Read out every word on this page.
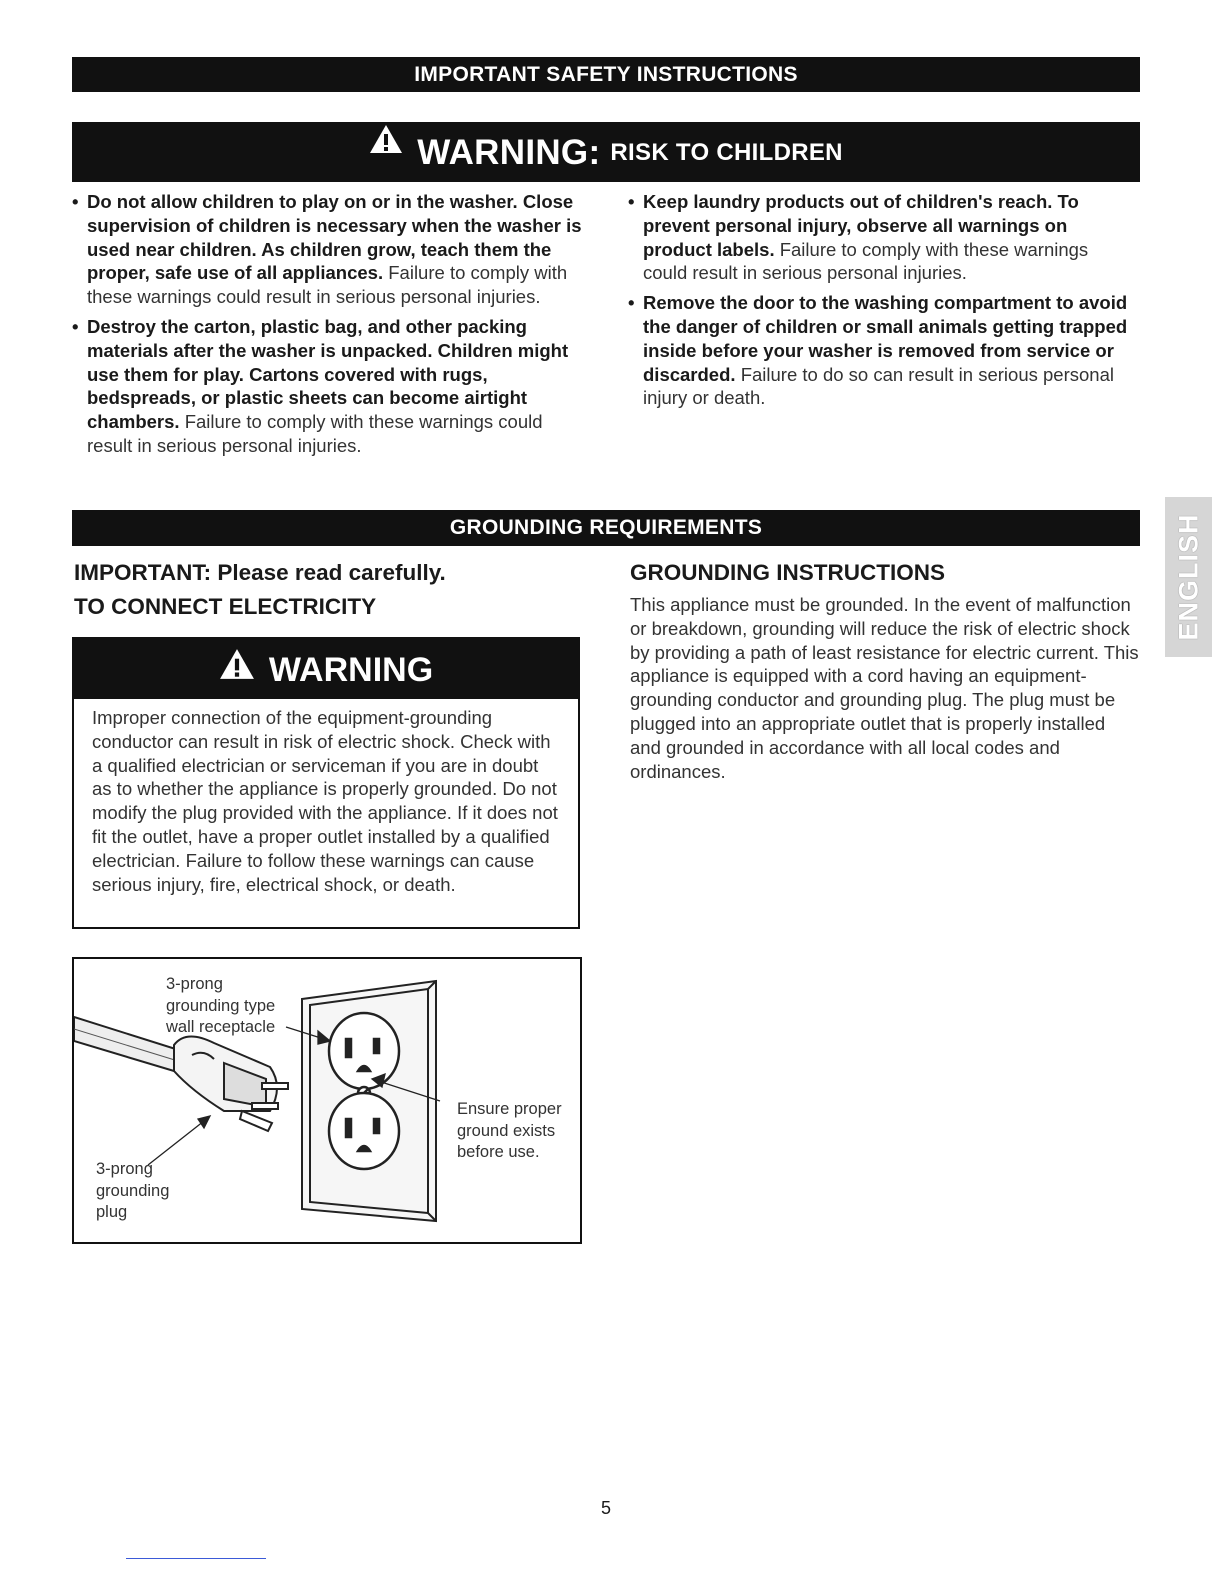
IMPORTANT SAFETY INSTRUCTIONS
WARNING: RISK TO CHILDREN
• Do not allow children to play on or in the washer. Close supervision of children is necessary when the washer is used near children. As children grow, teach them the proper, safe use of all appliances. Failure to comply with these warnings could result in serious personal injuries.
• Destroy the carton, plastic bag, and other packing materials after the washer is unpacked. Children might use them for play. Cartons covered with rugs, bedspreads, or plastic sheets can become airtight chambers. Failure to comply with these warnings could result in serious personal injuries.
• Keep laundry products out of children's reach. To prevent personal injury, observe all warnings on product labels. Failure to comply with these warnings could result in serious personal injuries.
• Remove the door to the washing compartment to avoid the danger of children or small animals getting trapped inside before your washer is removed from service or discarded. Failure to do so can result in serious personal injury or death.
GROUNDING REQUIREMENTS
IMPORTANT: Please read carefully.
TO CONNECT ELECTRICITY
WARNING
Improper connection of the equipment-grounding conductor can result in risk of electric shock. Check with a qualified electrician or serviceman if you are in doubt as to whether the appliance is properly grounded. Do not modify the plug provided with the appliance. If it does not fit the outlet, have a proper outlet installed by a qualified electrician. Failure to follow these warnings can cause serious injury, fire, electrical shock, or death.
GROUNDING INSTRUCTIONS
This appliance must be grounded. In the event of malfunction or breakdown, grounding will reduce the risk of electric shock by providing a path of least resistance for electric current. This appliance is equipped with a cord having an equipment-grounding conductor and grounding plug. The plug must be plugged into an appropriate outlet that is properly installed and grounded in accordance with all local codes and ordinances.
3-prong
grounding type
wall receptacle
Ensure proper
ground exists
before use.
3-prong
grounding
plug
ENGLISH
5
